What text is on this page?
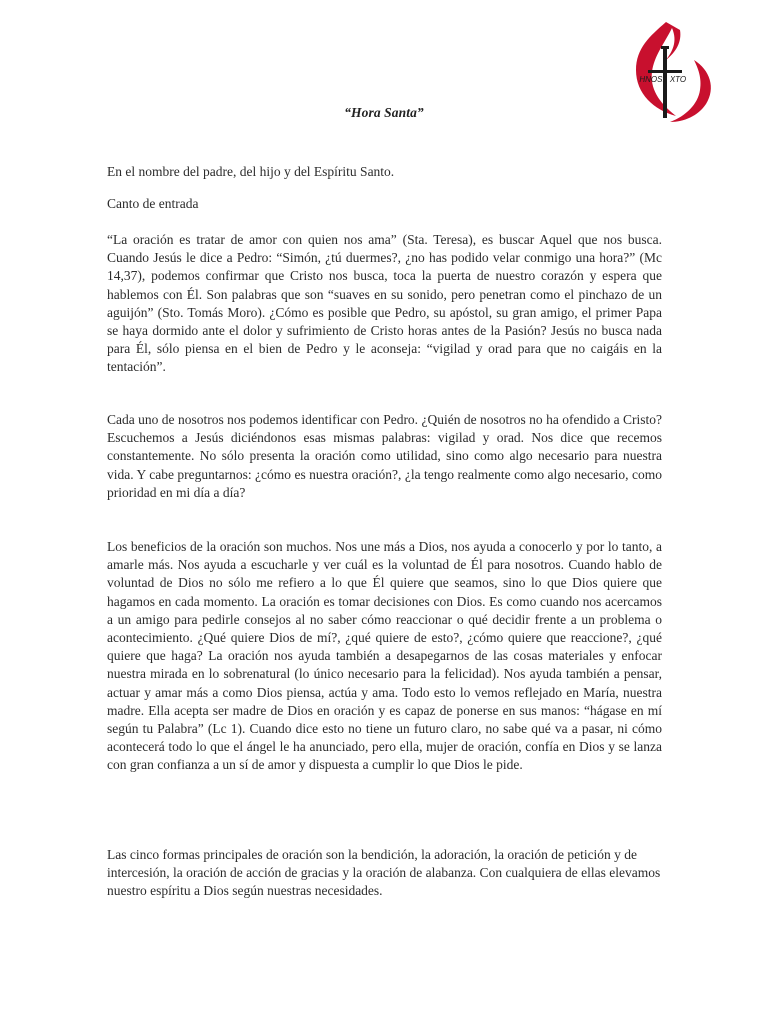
HNOS. XTO
“Hora Santa”
En el nombre del padre, del hijo y del Espíritu Santo.
Canto de entrada

“La oración es tratar de amor con quien nos ama” (Sta. Teresa), es buscar Aquel que nos busca. Cuando Jesús le dice a Pedro: “Simón, ¿tú duermes?, ¿no has podido velar conmigo una hora?” (Mc 14,37), podemos confirmar que Cristo nos busca, toca la puerta de nuestro corazón y espera que hablemos con Él. Son palabras que son “suaves en su sonido, pero penetran como el pinchazo de un aguijón” (Sto. Tomás Moro). ¿Cómo es posible que Pedro, su apóstol, su gran amigo, el primer Papa se haya dormido ante el dolor y sufrimiento de Cristo horas antes de la Pasión? Jesús no busca nada para Él, sólo piensa en el bien de Pedro y le aconseja: “vigilad y orad para que no caigáis en la tentación”.

Cada uno de nosotros nos podemos identificar con Pedro. ¿Quién de nosotros no ha ofendido a Cristo? Escuchemos a Jesús diciéndonos esas mismas palabras: vigilad y orad. Nos dice que recemos constantemente. No sólo presenta la oración como utilidad, sino como algo necesario para nuestra vida. Y cabe preguntarnos: ¿cómo es nuestra oración?, ¿la tengo realmente como algo necesario, como prioridad en mi día a día?

Los beneficios de la oración son muchos. Nos une más a Dios, nos ayuda a conocerlo y por lo tanto, a amarle más. Nos ayuda a escucharle y ver cuál es la voluntad de Él para nosotros. Cuando hablo de voluntad de Dios no sólo me refiero a lo que Él quiere que seamos, sino lo que Dios quiere que hagamos en cada momento. La oración es tomar decisiones con Dios. Es como cuando nos acercamos a un amigo para pedirle consejos al no saber cómo reaccionar o qué decidir frente a un problema o acontecimiento. ¿Qué quiere Dios de mí?, ¿qué quiere de esto?, ¿cómo quiere que reaccione?, ¿qué quiere que haga? La oración nos ayuda también a desapegarnos de las cosas materiales y enfocar nuestra mirada en lo sobrenatural (lo único necesario para la felicidad). Nos ayuda también a pensar, actuar y amar más a como Dios piensa, actúa y ama. Todo esto lo vemos reflejado en María, nuestra madre. Ella acepta ser madre de Dios en oración y es capaz de ponerse en sus manos: “hágase en mí según tu Palabra” (Lc 1). Cuando dice esto no tiene un futuro claro, no sabe qué va a pasar, ni cómo acontecerá todo lo que el ángel le ha anunciado, pero ella, mujer de oración, confía en Dios y se lanza con gran confianza a un sí de amor y dispuesta a cumplir lo que Dios le pide.

Las cinco formas principales de oración son la bendición, la adoración, la oración de petición y de intercesión, la oración de acción de gracias y la oración de alabanza. Con cualquiera de ellas elevamos nuestro espíritu a Dios según nuestras necesidades.
